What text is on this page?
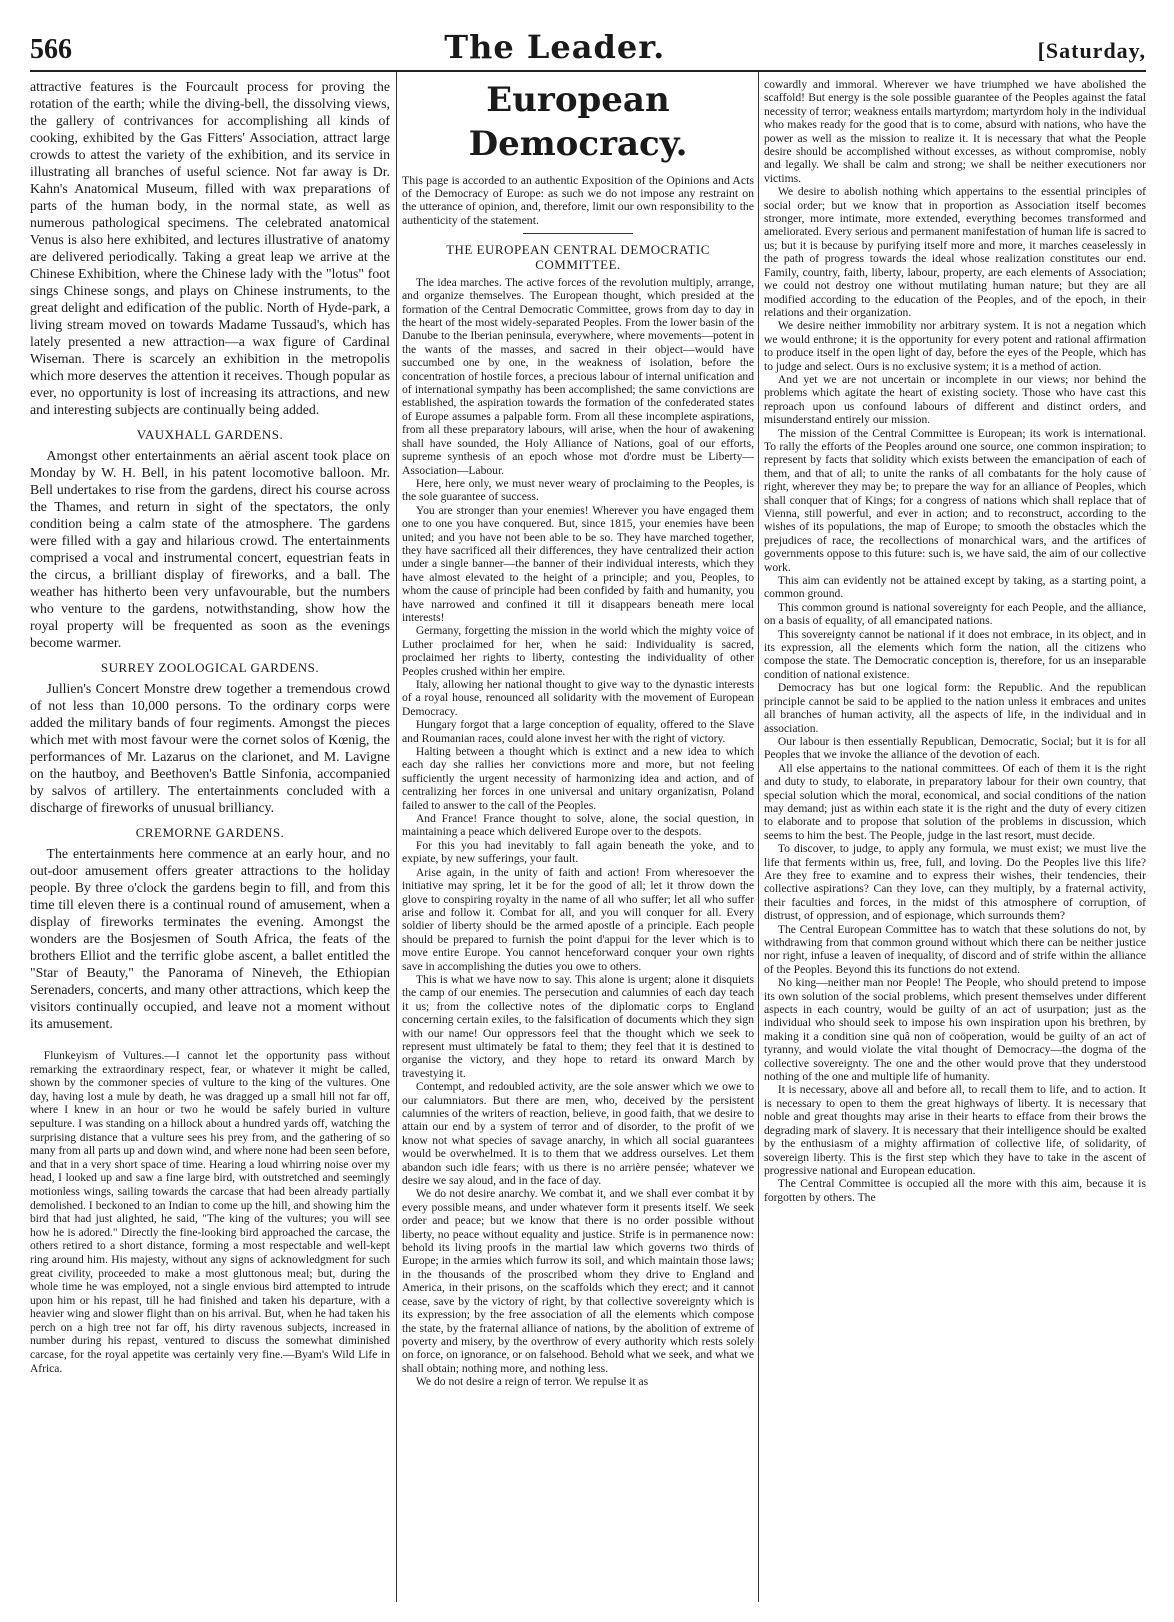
566	The Leader.	[Saturday,

attractive features is the Fourcault process for proving the rotation of the earth; while the diving-bell, the dissolving views, the gallery of contrivances for accomplishing all kinds of cooking, exhibited by the Gas Fitters' Association, attract large crowds to attest the variety of the exhibition, and its service in illustrating all branches of useful science. Not far away is Dr. Kahn's Anatomical Museum, filled with wax preparations of parts of the human body, in the normal state, as well as numerous pathological specimens. The celebrated anatomical Venus is also here exhibited, and lectures illustrative of anatomy are delivered periodically. Taking a great leap we arrive at the Chinese Exhibition, where the Chinese lady with the "lotus" foot sings Chinese songs, and plays on Chinese instruments, to the great delight and edification of the public. North of Hyde-park, a living stream moved on towards Madame Tussaud's, which has lately presented a new attraction—a wax figure of Cardinal Wiseman. There is scarcely an exhibition in the metropolis which more deserves the attention it receives. Though popular as ever, no opportunity is lost of increasing its attractions, and new and interesting subjects are continually being added.

VAUXHALL GARDENS.

Amongst other entertainments an aërial ascent took place on Monday by W. H. Bell, in his patent locomotive balloon. Mr. Bell undertakes to rise from the gardens, direct his course across the Thames, and return in sight of the spectators, the only condition being a calm state of the atmosphere. The gardens were filled with a gay and hilarious crowd. The entertainments comprised a vocal and instrumental concert, equestrian feats in the circus, a brilliant display of fireworks, and a ball. The weather has hitherto been very unfavourable, but the numbers who venture to the gardens, notwithstanding, show how the royal property will be frequented as soon as the evenings become warmer.

SURREY ZOOLOGICAL GARDENS.

Jullien's Concert Monstre drew together a tremendous crowd of not less than 10,000 persons. To the ordinary corps were added the military bands of four regiments. Amongst the pieces which met with most favour were the cornet solos of Kœnig, the performances of Mr. Lazarus on the clarionet, and M. Lavigne on the hautboy, and Beethoven's Battle Sinfonia, accompanied by salvos of artillery. The entertainments concluded with a discharge of fireworks of unusual brilliancy.

CREMORNE GARDENS.

The entertainments here commence at an early hour, and no out-door amusement offers greater attractions to the holiday people. By three o'clock the gardens begin to fill, and from this time till eleven there is a continual round of amusement, when a display of fireworks terminates the evening. Amongst the wonders are the Bosjesmen of South Africa, the feats of the brothers Elliot and the terrific globe ascent, a ballet entitled the "Star of Beauty," the Panorama of Nineveh, the Ethiopian Serenaders, concerts, and many other attractions, which keep the visitors continually occupied, and leave not a moment without its amusement.

Flunkeyism of Vultures.—I cannot let the opportunity pass without remarking the extraordinary respect, fear, or whatever it might be called, shown by the commoner species of vulture to the king of the vultures. One day, having lost a mule by death, he was dragged up a small hill not far off, where I knew in an hour or two he would be safely buried in vulture sepulture. I was standing on a hillock about a hundred yards off, watching the surprising distance that a vulture sees his prey from, and the gathering of so many from all parts up and down wind, and where none had been seen before, and that in a very short space of time. Hearing a loud whirring noise over my head, I looked up and saw a fine large bird, with outstretched and seemingly motionless wings, sailing towards the carcase that had been already partially demolished. I beckoned to an Indian to come up the hill, and showing him the bird that had just alighted, he said, "The king of the vultures; you will see how he is adored." Directly the fine-looking bird approached the carcase, the others retired to a short distance, forming a most respectable and well-kept ring around him. His majesty, without any signs of acknowledgment for such great civility, proceeded to make a most gluttonous meal; but, during the whole time he was employed, not a single envious bird attempted to intrude upon him or his repast, till he had finished and taken his departure, with a heavier wing and slower flight than on his arrival. But, when he had taken his perch on a high tree not far off, his dirty ravenous subjects, increased in number during his repast, ventured to discuss the somewhat diminished carcase, for the royal appetite was certainly very fine.—Byam's Wild Life in Africa.

European Democracy.

This page is accorded to an authentic Exposition of the Opinions and Acts of the Democracy of Europe: as such we do not impose any restraint on the utterance of opinion, and, therefore, limit our own responsibility to the authenticity of the statement.

THE EUROPEAN CENTRAL DEMOCRATIC COMMITTEE.

The idea marches. The active forces of the revolution multiply, arrange, and organize themselves. The European thought, which presided at the formation of the Central Democratic Committee, grows from day to day in the heart of the most widely-separated Peoples. From the lower basin of the Danube to the Iberian peninsula, everywhere, where movements—potent in the wants of the masses, and sacred in their object—would have succumbed one by one, in the weakness of isolation, before the concentration of hostile forces, a precious labour of internal unification and of international sympathy has been accomplished; the same convictions are established, the aspiration towards the formation of the confederated states of Europe assumes a palpable form. From all these incomplete aspirations, from all these preparatory labours, will arise, when the hour of awakening shall have sounded, the Holy Alliance of Nations, goal of our efforts, supreme synthesis of an epoch whose mot d'ordre must be Liberty—Association—Labour.

Here, here only, we must never weary of proclaiming to the Peoples, is the sole guarantee of success.

You are stronger than your enemies! Wherever you have engaged them one to one you have conquered. But, since 1815, your enemies have been united; and you have not been able to be so. They have marched together, they have sacrificed all their differences, they have centralized their action under a single banner—the banner of their individual interests, which they have almost elevated to the height of a principle; and you, Peoples, to whom the cause of principle had been confided by faith and humanity, you have narrowed and confined it till it disappears beneath mere local interests!

Germany, forgetting the mission in the world which the mighty voice of Luther proclaimed for her, when he said: Individuality is sacred, proclaimed her rights to liberty, contesting the individuality of other Peoples crushed within her empire.

Italy, allowing her national thought to give way to the dynastic interests of a royal house, renounced all solidarity with the movement of European Democracy.

Hungary forgot that a large conception of equality, offered to the Slave and Roumanian races, could alone invest her with the right of victory.

Halting between a thought which is extinct and a new idea to which each day she rallies her convictions more and more, but not feeling sufficiently the urgent necessity of harmonizing idea and action, and of centralizing her forces in one universal and unitary organizatisn, Poland failed to answer to the call of the Peoples.

And France! France thought to solve, alone, the social question, in maintaining a peace which delivered Europe over to the despots.

For this you had inevitably to fall again beneath the yoke, and to expiate, by new sufferings, your fault.

Arise again, in the unity of faith and action! From wheresoever the initiative may spring, let it be for the good of all; let it throw down the glove to conspiring royalty in the name of all who suffer; let all who suffer arise and follow it. Combat for all, and you will conquer for all. Every soldier of liberty should be the armed apostle of a principle. Each people should be prepared to furnish the point d'appui for the lever which is to move entire Europe. You cannot henceforward conquer your own rights save in accomplishing the duties you owe to others.

This is what we have now to say. This alone is urgent; alone it disquiets the camp of our enemies. The persecution and calumnies of each day teach it us; from the collective notes of the diplomatic corps to England concerning certain exiles, to the falsification of documents which they sign with our name! Our oppressors feel that the thought which we seek to represent must ultimately be fatal to them; they feel that it is destined to organise the victory, and they hope to retard its onward March by travestying it.

Contempt, and redoubled activity, are the sole answer which we owe to our calumniators. But there are men, who, deceived by the persistent calumnies of the writers of reaction, believe, in good faith, that we desire to attain our end by a system of terror and of disorder, to the profit of we know not what species of savage anarchy, in which all social guarantees would be overwhelmed. It is to them that we address ourselves. Let them abandon such idle fears; with us there is no arrière pensée; whatever we desire we say aloud, and in the face of day.

We do not desire anarchy. We combat it, and we shall ever combat it by every possible means, and under whatever form it presents itself. We seek order and peace; but we know that there is no order possible without liberty, no peace without equality and justice. Strife is in permanence now: behold its living proofs in the martial law which governs two thirds of Europe; in the armies which furrow its soil, and which maintain those laws; in the thousands of the proscribed whom they drive to England and America, in their prisons, on the scaffolds which they erect; and it cannot cease, save by the victory of right, by that collective sovereignty which is its expression; by the free association of all the elements which compose the state, by the fraternal alliance of nations, by the abolition of extreme of poverty and misery, by the overthrow of every authority which rests solely on force, on ignorance, or on falsehood. Behold what we seek, and what we shall obtain; nothing more, and nothing less.

We do not desire a reign of terror. We repulse it as

cowardly and immoral. Wherever we have triumphed we have abolished the scaffold! But energy is the sole possible guarantee of the Peoples against the fatal necessity of terror; weakness entails martyrdom; martyrdom holy in the individual who makes ready for the good that is to come, absurd with nations, who have the power as well as the mission to realize it. It is necessary that what the People desire should be accomplished without excesses, as without compromise, nobly and legally. We shall be calm and strong; we shall be neither executioners nor victims.

We desire to abolish nothing which appertains to the essential principles of social order; but we know that in proportion as Association itself becomes stronger, more intimate, more extended, everything becomes transformed and ameliorated. Every serious and permanent manifestation of human life is sacred to us; but it is because by purifying itself more and more, it marches ceaselessly in the path of progress towards the ideal whose realization constitutes our end. Family, country, faith, liberty, labour, property, are each elements of Association; we could not destroy one without mutilating human nature; but they are all modified according to the education of the Peoples, and of the epoch, in their relations and their organization.

We desire neither immobility nor arbitrary system. It is not a negation which we would enthrone; it is the opportunity for every potent and rational affirmation to produce itself in the open light of day, before the eyes of the People, which has to judge and select. Ours is no exclusive system; it is a method of action.

And yet we are not uncertain or incomplete in our views; nor behind the problems which agitate the heart of existing society. Those who have cast this reproach upon us confound labours of different and distinct orders, and misunderstand entirely our mission.

The mission of the Central Committee is European; its work is international. To rally the efforts of the Peoples around one source, one common inspiration; to represent by facts that solidity which exists between the emancipation of each of them, and that of all; to unite the ranks of all combatants for the holy cause of right, wherever they may be; to prepare the way for an alliance of Peoples, which shall conquer that of Kings; for a congress of nations which shall replace that of Vienna, still powerful, and ever in action; and to reconstruct, according to the wishes of its populations, the map of Europe; to smooth the obstacles which the prejudices of race, the recollections of monarchical wars, and the artifices of governments oppose to this future: such is, we have said, the aim of our collective work.

This aim can evidently not be attained except by taking, as a starting point, a common ground.

This common ground is national sovereignty for each People, and the alliance, on a basis of equality, of all emancipated nations.

This sovereignty cannot be national if it does not embrace, in its object, and in its expression, all the elements which form the nation, all the citizens who compose the state. The Democratic conception is, therefore, for us an inseparable condition of national existence.

Democracy has but one logical form: the Republic. And the republican principle cannot be said to be applied to the nation unless it embraces and unites all branches of human activity, all the aspects of life, in the individual and in association.

Our labour is then essentially Republican, Democratic, Social; but it is for all Peoples that we invoke the alliance of the devotion of each.

All else appertains to the national committees. Of each of them it is the right and duty to study, to elaborate, in preparatory labour for their own country, that special solution which the moral, economical, and social conditions of the nation may demand; just as within each state it is the right and the duty of every citizen to elaborate and to propose that solution of the problems in discussion, which seems to him the best. The People, judge in the last resort, must decide.

To discover, to judge, to apply any formula, we must exist; we must live the life that ferments within us, free, full, and loving. Do the Peoples live this life? Are they free to examine and to express their wishes, their tendencies, their collective aspirations? Can they love, can they multiply, by a fraternal activity, their faculties and forces, in the midst of this atmosphere of corruption, of distrust, of oppression, and of espionage, which surrounds them?

The Central European Committee has to watch that these solutions do not, by withdrawing from that common ground without which there can be neither justice nor right, infuse a leaven of inequality, of discord and of strife within the alliance of the Peoples. Beyond this its functions do not extend.

No king—neither man nor People! The People, who should pretend to impose its own solution of the social problems, which present themselves under different aspects in each country, would be guilty of an act of usurpation; just as the individual who should seek to impose his own inspiration upon his brethren, by making it a condition sine quâ non of coöperation, would be guilty of an act of tyranny, and would violate the vital thought of Democracy—the dogma of the collective sovereignty. The one and the other would prove that they understood nothing of the one and multiple life of humanity.

It is necessary, above all and before all, to recall them to life, and to action. It is necessary to open to them the great highways of liberty. It is necessary that noble and great thoughts may arise in their hearts to efface from their brows the degrading mark of slavery. It is necessary that their intelligence should be exalted by the enthusiasm of a mighty affirmation of collective life, of solidarity, of sovereign liberty. This is the first step which they have to take in the ascent of progressive national and European education.

The Central Committee is occupied all the more with this aim, because it is forgotten by others. The
